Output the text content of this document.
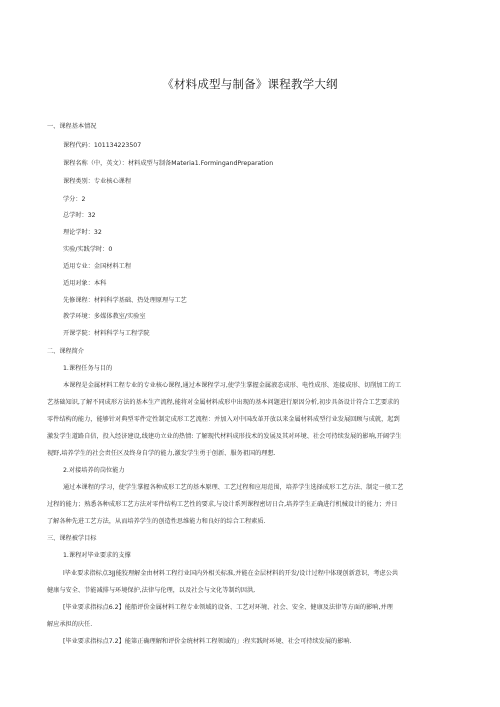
《材料成型与制备》课程教学大纲
一、课程基本情况
课程代码：101134223507
课程名称（中，英文）：材料成型与制备Materia1.FormingandPreparation
课程类别：专业核心课程
学分：2
总学时：32
理论学时：32
实验/实践学时：0
适用专业：金国材料工程
适用对象：本科
先修课程：材料科学基础、热处理原理与工艺
教学环境：多媒体教室/实验室
开课学院：材料科学与工程学院
二、课程简介
1.课程任务与目的
本课程是金属材料工程专业的专业核心课程,通过本课程学习,使学生掌握金属液态成形、电性成形、连接成形、切削加工的工
艺基础知识,了解不同成形方法的基本生产流程,能将对金属材料成形中出现的基本问题进行原因分析,初步具备设计符合工艺要求的
零件结构的能力，能够针对典型零件定性制定成形工艺流程：并加入对中国改革开放以来金属材料成型行业发展回顾与成就，起到
激发学生道路自信，投入经济建设,线建功立业的热情: 了解现代材料成形技术的发展及其对环境、社会可持续发展的影响,开阔学生
视野,培养学生的社会责任区及终身自学的能力,激发学生勇于创新、服务祖国的理想.
2.对接培养的岗位能力
通过本课程的学习，使学生掌握各种成形工艺的基本原理、工艺过程和应用范围，培养学生选择成形工艺方法、制定一般工艺
过程的能力；熟悉各种成形工艺方法对零件结构工艺性的要求,与设计系列课程密切日合,培养学生正确进行机械设计的能力；并日
了解各种先进工艺方法，从而培养学生的创造性思维能力和良好的综合工程素质.
三、课程被学目标
1.课程对毕业要求的支撑
l毕业要求指标点3JJ能狡理解金由材料工程行业国内外相关标准,并能在金层材料的开发/设计过程中体现创新意识，考虑公共
健康与安全、节能减排与环境保护,法律与伦理，以及社会与文化等制约因洪,
[毕业要求指标点6.2】能船评价金属材料工程专业领域的设备、工艺对环境、社会、安全、健康及法律等方面的影响,并理
解应承担的庆任.
[毕业要求指标点7.2】能第正确理解和评价金统材料工程领域的」:程实践时环境、社会可持续发展的影响.
